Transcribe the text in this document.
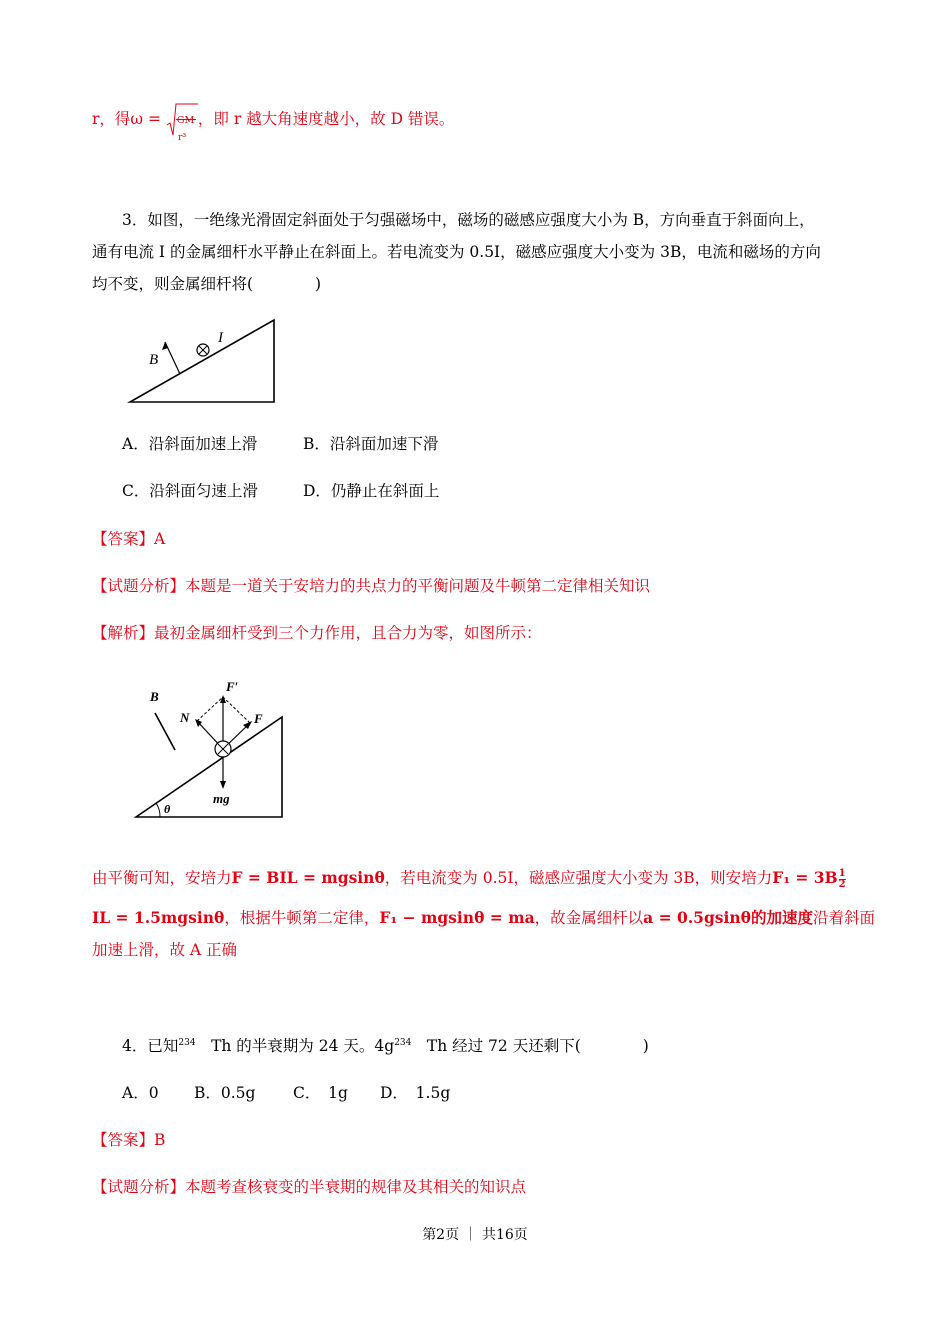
r，得ω = GM
r³
，即 r 越大角速度越小，故 D 错误。
3．如图，一绝缘光滑固定斜面处于匀强磁场中，磁场的磁感应强度大小为 B，方向垂直于斜面向上，
通有电流 I 的金属细杆水平静止在斜面上。若电流变为 0.5I，磁感应强度大小变为 3B，电流和磁场的方向
均不变，则金属细杆将(　　　　)
B
I
A．沿斜面加速上滑	B．沿斜面加速下滑
C．沿斜面匀速上滑	D．仍静止在斜面上
【答案】A
【试题分析】本题是一道关于安培力的共点力的平衡问题及牛顿第二定律相关知识
【解析】最初金属细杆受到三个力作用，且合力为零，如图所示：
B
F′
N	F
mg
θ
由平衡可知，安培力F = BIL = mgsinθ，若电流变为 0.5I，磁感应强度大小变为 3B，则安培力$F_1 = 3B \frac{1}{2}$
IL = 1.5mgsinθ，根据牛顿第二定律，F₁ − mgsinθ = ma，故金属细杆以a = 0.5gsinθ的加速度沿着斜面
加速上滑，故 A 正确
4．已知$^{234}$　Th 的半衰期为 24 天。$4g^{234}$　Th 经过 72 天还剩下(　　　　)
A．0 B．0.5g C．　1g D．　1.5g
【答案】B
【试题分析】本题考查核衰变的半衰期的规律及其相关的知识点
第2页 ｜ 共16页
